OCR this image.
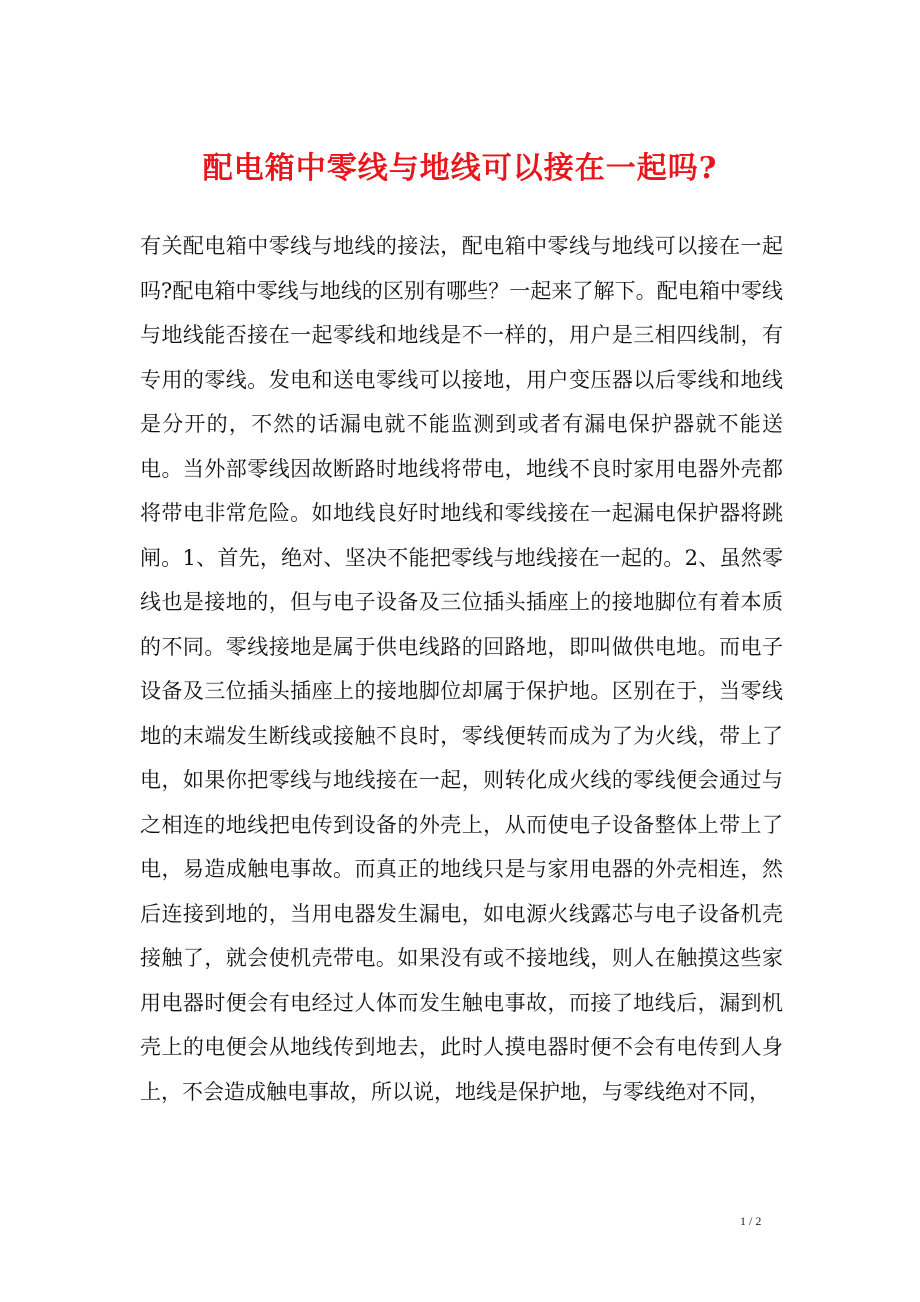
配电箱中零线与地线可以接在一起吗?

有关配电箱中零线与地线的接法，配电箱中零线与地线可以接在一起吗?配电箱中零线与地线的区别有哪些？一起来了解下。配电箱中零线与地线能否接在一起零线和地线是不一样的，用户是三相四线制，有专用的零线。发电和送电零线可以接地，用户变压器以后零线和地线是分开的，不然的话漏电就不能监测到或者有漏电保护器就不能送电。当外部零线因故断路时地线将带电，地线不良时家用电器外壳都将带电非常危险。如地线良好时地线和零线接在一起漏电保护器将跳闸。1、首先，绝对、坚决不能把零线与地线接在一起的。2、虽然零线也是接地的，但与电子设备及三位插头插座上的接地脚位有着本质的不同。零线接地是属于供电线路的回路地，即叫做供电地。而电子设备及三位插头插座上的接地脚位却属于保护地。区别在于，当零线地的末端发生断线或接触不良时，零线便转而成为了为火线，带上了电，如果你把零线与地线接在一起，则转化成火线的零线便会通过与之相连的地线把电传到设备的外壳上，从而使电子设备整体上带上了电，易造成触电事故。而真正的地线只是与家用电器的外壳相连，然后连接到地的，当用电器发生漏电，如电源火线露芯与电子设备机壳接触了，就会使机壳带电。如果没有或不接地线，则人在触摸这些家用电器时便会有电经过人体而发生触电事故，而接了地线后，漏到机壳上的电便会从地线传到地去，此时人摸电器时便不会有电传到人身上，不会造成触电事故，所以说，地线是保护地，与零线绝对不同，

1 / 2
